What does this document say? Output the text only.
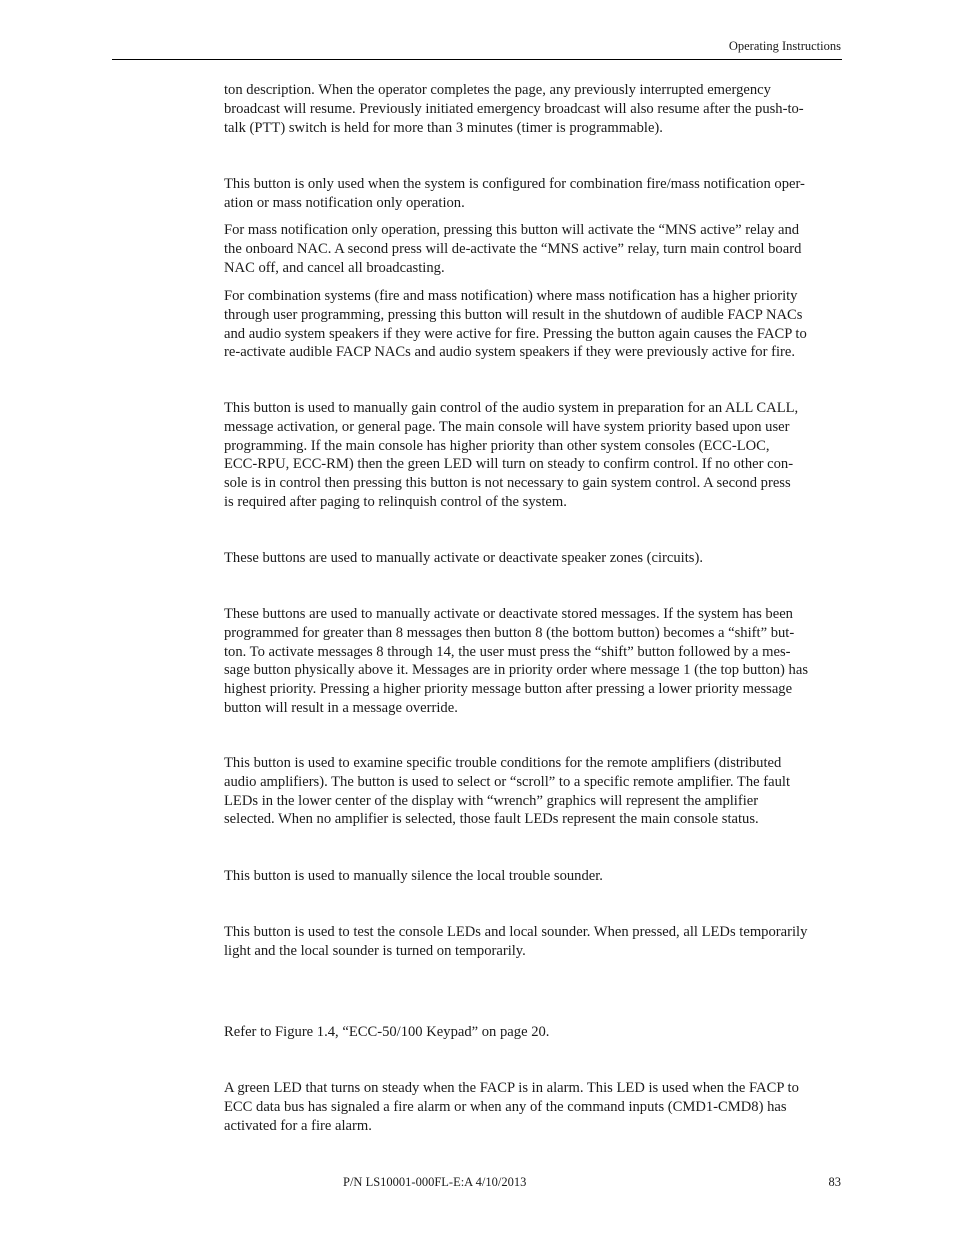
Operating Instructions

ton description. When the operator completes the page, any previously interrupted emergency
broadcast will resume. Previously initiated emergency broadcast will also resume after the push-to-
talk (PTT) switch is held for more than 3 minutes (timer is programmable).

This button is only used when the system is configured for combination fire/mass notification oper-
ation or mass notification only operation.

For mass notification only operation, pressing this button will activate the “MNS active” relay and
the onboard NAC. A second press will de-activate the “MNS active” relay, turn main control board
NAC off, and cancel all broadcasting.

For combination systems (fire and mass notification) where mass notification has a higher priority
through user programming, pressing this button will result in the shutdown of audible FACP NACs
and audio system speakers if they were active for fire. Pressing the button again causes the FACP to
re-activate audible FACP NACs and audio system speakers if they were previously active for fire.

This button is used to manually gain control of the audio system in preparation for an ALL CALL,
message activation, or general page. The main console will have system priority based upon user
programming. If the main console has higher priority than other system consoles (ECC-LOC,
ECC-RPU, ECC-RM) then the green LED will turn on steady to confirm control. If no other con-
sole is in control then pressing this button is not necessary to gain system control. A second press
is required after paging to relinquish control of the system.

These buttons are used to manually activate or deactivate speaker zones (circuits).

These buttons are used to manually activate or deactivate stored messages. If the system has been
programmed for greater than 8 messages then button 8 (the bottom button) becomes a “shift” but-
ton. To activate messages 8 through 14, the user must press the “shift” button followed by a mes-
sage button physically above it. Messages are in priority order where message 1 (the top button) has
highest priority. Pressing a higher priority message button after pressing a lower priority message
button will result in a message override.

This button is used to examine specific trouble conditions for the remote amplifiers (distributed
audio amplifiers). The button is used to select or “scroll” to a specific remote amplifier. The fault
LEDs in the lower center of the display with “wrench” graphics will represent the amplifier
selected. When no amplifier is selected, those fault LEDs represent the main console status.

This button is used to manually silence the local trouble sounder.

This button is used to test the console LEDs and local sounder. When pressed, all LEDs temporarily
light and the local sounder is turned on temporarily.

Refer to Figure 1.4, “ECC-50/100 Keypad” on page 20.

A green LED that turns on steady when the FACP is in alarm. This LED is used when the FACP to
ECC data bus has signaled a fire alarm or when any of the command inputs (CMD1-CMD8) has
activated for a fire alarm.

P/N LS10001-000FL-E:A 4/10/2013	83
